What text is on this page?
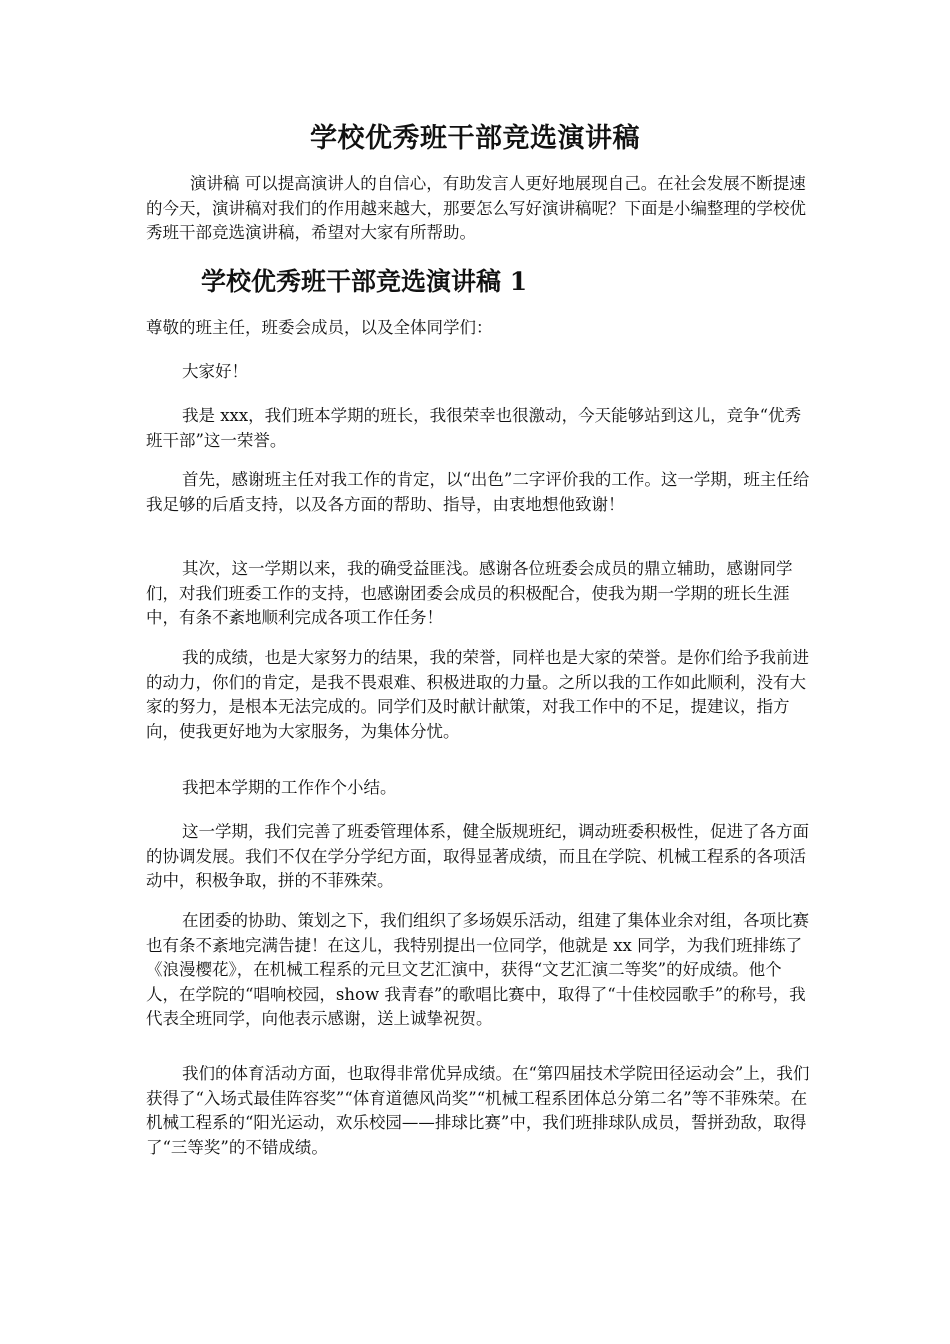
学校优秀班干部竞选演讲稿

演讲稿 可以提高演讲人的自信心，有助发言人更好地展现自己。在社会发展不断提速的今天，演讲稿对我们的作用越来越大，那要怎么写好演讲稿呢？下面是小编整理的学校优秀班干部竞选演讲稿，希望对大家有所帮助。

学校优秀班干部竞选演讲稿 1

尊敬的班主任，班委会成员，以及全体同学们：

大家好！

我是 xxx，我们班本学期的班长，我很荣幸也很激动，今天能够站到这儿，竞争“优秀班干部”这一荣誉。

首先，感谢班主任对我工作的肯定，以“出色”二字评价我的工作。这一学期，班主任给我足够的后盾支持，以及各方面的帮助、指导，由衷地想他致谢！

其次，这一学期以来，我的确受益匪浅。感谢各位班委会成员的鼎立辅助，感谢同学们，对我们班委工作的支持，也感谢团委会成员的积极配合，使我为期一学期的班长生涯中，有条不紊地顺利完成各项工作任务！

我的成绩，也是大家努力的结果，我的荣誉，同样也是大家的荣誉。是你们给予我前进的动力，你们的肯定，是我不畏艰难、积极进取的力量。之所以我的工作如此顺利，没有大家的努力，是根本无法完成的。同学们及时献计献策，对我工作中的不足，提建议，指方向，使我更好地为大家服务，为集体分忧。

我把本学期的工作作个小结。

这一学期，我们完善了班委管理体系，健全版规班纪，调动班委积极性，促进了各方面的协调发展。我们不仅在学分学纪方面，取得显著成绩，而且在学院、机械工程系的各项活动中，积极争取，拼的不菲殊荣。

在团委的协助、策划之下，我们组织了多场娱乐活动，组建了集体业余对组，各项比赛也有条不紊地完满告捷！在这儿，我特别提出一位同学，他就是 xx 同学，为我们班排练了《浪漫樱花》，在机械工程系的元旦文艺汇演中，获得“文艺汇演二等奖”的好成绩。他个人，在学院的“唱响校园，show 我青春”的歌唱比赛中，取得了“十佳校园歌手”的称号，我代表全班同学，向他表示感谢，送上诚挚祝贺。

我们的体育活动方面，也取得非常优异成绩。在“第四届技术学院田径运动会”上，我们获得了“入场式最佳阵容奖”“体育道德风尚奖”“机械工程系团体总分第二名”等不菲殊荣。在机械工程系的“阳光运动，欢乐校园——排球比赛”中，我们班排球队成员，誓拼劲敌，取得了“三等奖”的不错成绩。
